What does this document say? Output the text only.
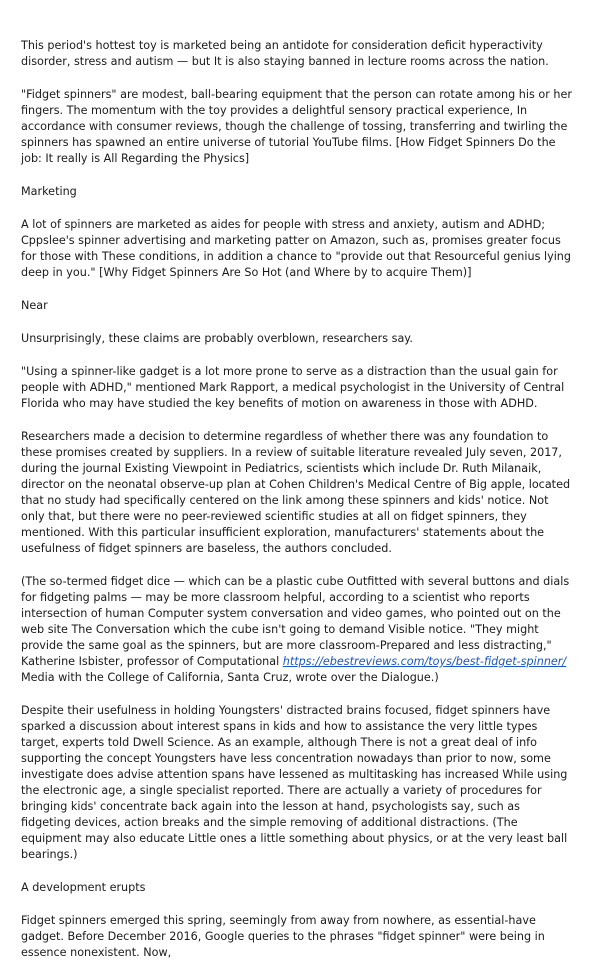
This period's hottest toy is marketed being an antidote for consideration deficit hyperactivity disorder, stress and autism — but It is also staying banned in lecture rooms across the nation.

"Fidget spinners" are modest, ball-bearing equipment that the person can rotate among his or her fingers. The momentum with the toy provides a delightful sensory practical experience, In accordance with consumer reviews, though the challenge of tossing, transferring and twirling the spinners has spawned an entire universe of tutorial YouTube films. [How Fidget Spinners Do the job: It really is All Regarding the Physics]

Marketing

A lot of spinners are marketed as aides for people with stress and anxiety, autism and ADHD; Cppslee's spinner advertising and marketing patter on Amazon, such as, promises greater focus for those with These conditions, in addition a chance to "provide out that Resourceful genius lying deep in you." [Why Fidget Spinners Are So Hot (and Where by to acquire Them)]

Near

Unsurprisingly, these claims are probably overblown, researchers say.

"Using a spinner-like gadget is a lot more prone to serve as a distraction than the usual gain for people with ADHD," mentioned Mark Rapport, a medical psychologist in the University of Central Florida who may have studied the key benefits of motion on awareness in those with ADHD.

Researchers made a decision to determine regardless of whether there was any foundation to these promises created by suppliers. In a review of suitable literature revealed July seven, 2017, during the journal Existing Viewpoint in Pediatrics, scientists which include Dr. Ruth Milanaik, director on the neonatal observe-up plan at Cohen Children's Medical Centre of Big apple, located that no study had specifically centered on the link among these spinners and kids' notice. Not only that, but there were no peer-reviewed scientific studies at all on fidget spinners, they mentioned. With this particular insufficient exploration, manufacturers' statements about the usefulness of fidget spinners are baseless, the authors concluded.

(The so-termed fidget dice — which can be a plastic cube Outfitted with several buttons and dials for fidgeting palms — may be more classroom helpful, according to a scientist who reports intersection of human Computer system conversation and video games, who pointed out on the web site The Conversation which the cube isn't going to demand Visible notice. "They might provide the same goal as the spinners, but are more classroom-Prepared and less distracting," Katherine Isbister, professor of Computational https://ebestreviews.com/toys/best-fidget-spinner/ Media with the College of California, Santa Cruz, wrote over the Dialogue.)

Despite their usefulness in holding Youngsters' distracted brains focused, fidget spinners have sparked a discussion about interest spans in kids and how to assistance the very little types target, experts told Dwell Science. As an example, although There is not a great deal of info supporting the concept Youngsters have less concentration nowadays than prior to now, some investigate does advise attention spans have lessened as multitasking has increased While using the electronic age, a single specialist reported. There are actually a variety of procedures for bringing kids' concentrate back again into the lesson at hand, psychologists say, such as fidgeting devices, action breaks and the simple removing of additional distractions. (The equipment may also educate Little ones a little something about physics, or at the very least ball bearings.)

A development erupts

Fidget spinners emerged this spring, seemingly from away from nowhere, as essential-have gadget. Before December 2016, Google queries to the phrases "fidget spinner" were being in essence nonexistent. Now,
